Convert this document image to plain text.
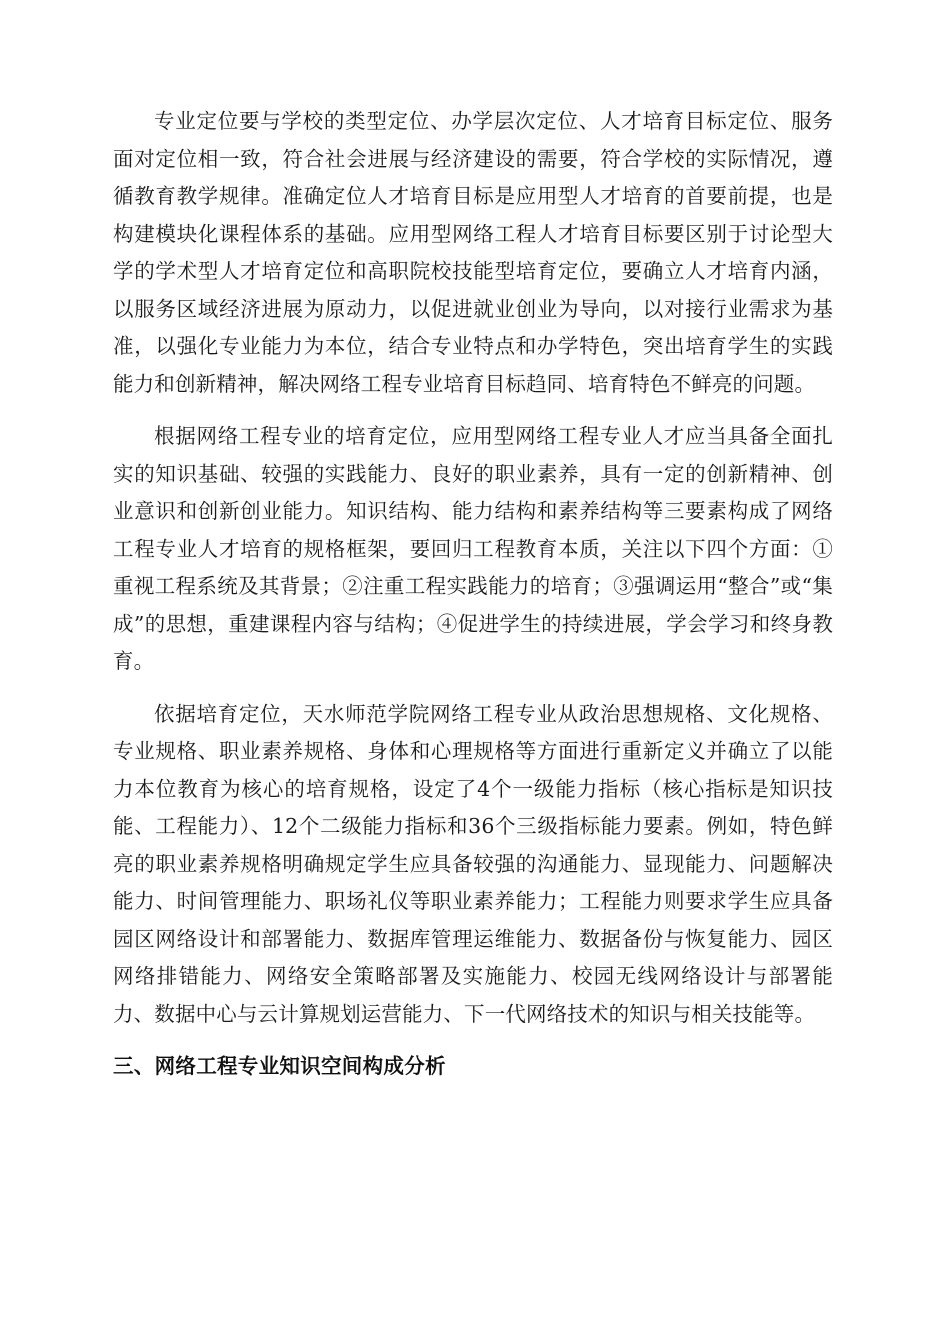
专业定位要与学校的类型定位、办学层次定位、人才培育目标定位、服务面对定位相一致，符合社会进展与经济建设的需要，符合学校的实际情况，遵循教育教学规律。准确定位人才培育目标是应用型人才培育的首要前提，也是构建模块化课程体系的基础。应用型网络工程人才培育目标要区别于讨论型大学的学术型人才培育定位和高职院校技能型培育定位，要确立人才培育内涵，以服务区域经济进展为原动力，以促进就业创业为导向，以对接行业需求为基准，以强化专业能力为本位，结合专业特点和办学特色，突出培育学生的实践能力和创新精神，解决网络工程专业培育目标趋同、培育特色不鲜亮的问题。

根据网络工程专业的培育定位，应用型网络工程专业人才应当具备全面扎实的知识基础、较强的实践能力、良好的职业素养，具有一定的创新精神、创业意识和创新创业能力。知识结构、能力结构和素养结构等三要素构成了网络工程专业人才培育的规格框架，要回归工程教育本质，关注以下四个方面：①重视工程系统及其背景；②注重工程实践能力的培育；③强调运用“整合”或“集成”的思想，重建课程内容与结构；④促进学生的持续进展，学会学习和终身教育。

依据培育定位，天水师范学院网络工程专业从政治思想规格、文化规格、专业规格、职业素养规格、身体和心理规格等方面进行重新定义并确立了以能力本位教育为核心的培育规格，设定了4个一级能力指标（核心指标是知识技能、工程能力）、12个二级能力指标和36个三级指标能力要素。例如，特色鲜亮的职业素养规格明确规定学生应具备较强的沟通能力、显现能力、问题解决能力、时间管理能力、职场礼仪等职业素养能力；工程能力则要求学生应具备园区网络设计和部署能力、数据库管理运维能力、数据备份与恢复能力、园区网络排错能力、网络安全策略部署及实施能力、校园无线网络设计与部署能力、数据中心与云计算规划运营能力、下一代网络技术的知识与相关技能等。

三、网络工程专业知识空间构成分析
